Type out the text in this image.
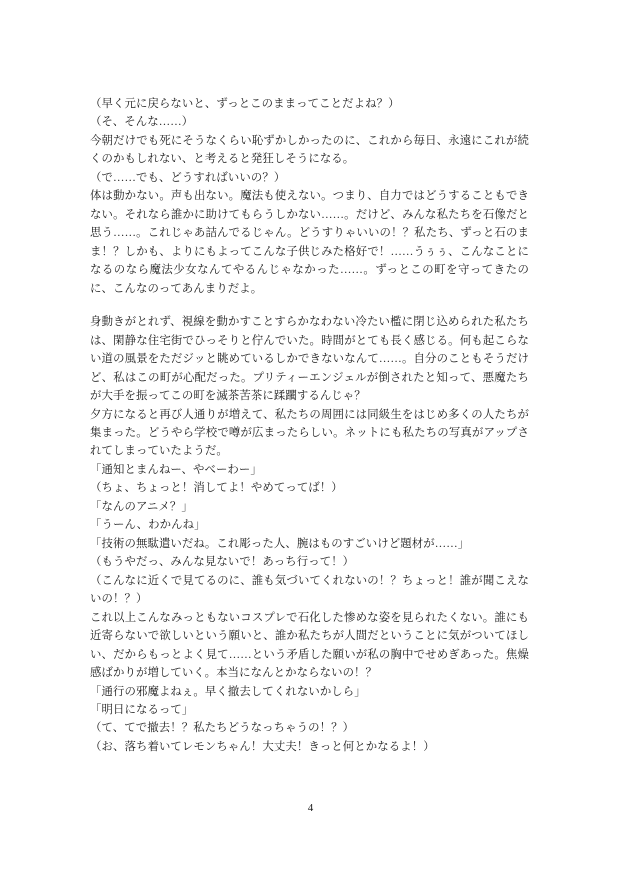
（早く元に戻らないと、ずっとこのままってことだよね？）

（そ、そんな……）

今朝だけでも死にそうなくらい恥ずかしかったのに、これから毎日、永遠にこれが続くのかもしれない、と考えると発狂しそうになる。

（で……でも、どうすればいいの？）

体は動かない。声も出ない。魔法も使えない。つまり、自力ではどうすることもできない。それなら誰かに助けてもらうしかない……。だけど、みんな私たちを石像だと思う……。これじゃあ詰んでるじゃん。どうすりゃいいの！？私たち、ずっと石のまま！？しかも、よりにもよってこんな子供じみた格好で！……うぅぅ、こんなことになるのなら魔法少女なんてやるんじゃなかった……。ずっとこの町を守ってきたのに、こんなのってあんまりだよ。

身動きがとれず、視線を動かすことすらかなわない冷たい檻に閉じ込められた私たちは、閑静な住宅街でひっそりと佇んでいた。時間がとても長く感じる。何も起こらない道の風景をただジッと眺めているしかできないなんて……。自分のこともそうだけど、私はこの町が心配だった。プリティーエンジェルが倒されたと知って、悪魔たちが大手を振ってこの町を滅茶苦茶に蹂躙するんじゃ？

夕方になると再び人通りが増えて、私たちの周囲には同級生をはじめ多くの人たちが集まった。どうやら学校で噂が広まったらしい。ネットにも私たちの写真がアップされてしまっていたようだ。

「通知とまんねー、やべーわー」

（ちょ、ちょっと！消してよ！やめてってば！）

「なんのアニメ？」

「うーん、わかんね」

「技術の無駄遣いだね。これ彫った人、腕はものすごいけど題材が……」

（もうやだっ、みんな見ないで！あっち行って！）

（こんなに近くで見てるのに、誰も気づいてくれないの！？ちょっと！誰が聞こえないの！？）

これ以上こんなみっともないコスプレで石化した惨めな姿を見られたくない。誰にも近寄らないで欲しいという願いと、誰か私たちが人間だということに気がついてほしい、だからもっとよく見て……という矛盾した願いが私の胸中でせめぎあった。焦燥感ばかりが増していく。本当になんとかならないの！？

「通行の邪魔よねぇ。早く撤去してくれないかしら」

「明日になるって」

（て、てで撤去！？私たちどうなっちゃうの！？）

（お、落ち着いてレモンちゃん！大丈夫！きっと何とかなるよ！）

4
